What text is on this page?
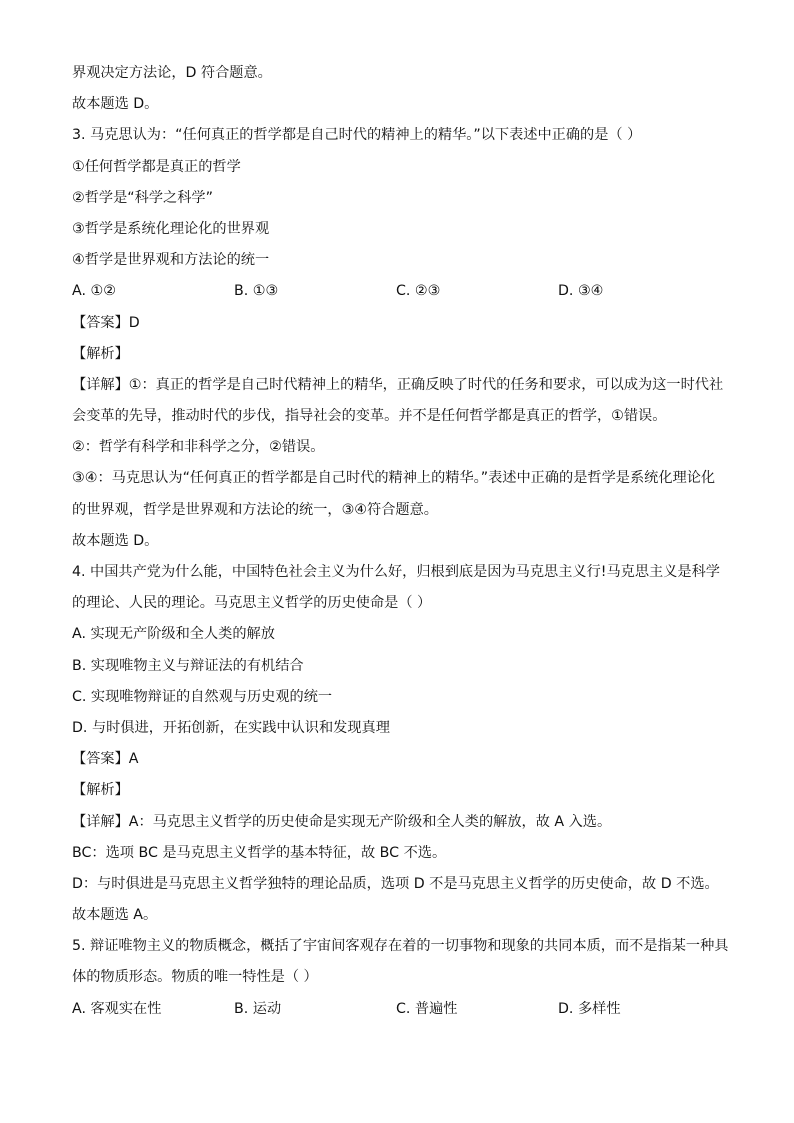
界观决定方法论，D 符合题意。
故本题选 D。
3. 马克思认为：“任何真正的哲学都是自己时代的精神上的精华。”以下表述中正确的是（ ）
①任何哲学都是真正的哲学
②哲学是“科学之科学”
③哲学是系统化理论化的世界观
④哲学是世界观和方法论的统一
A. ①②	B. ①③	C. ②③	D. ③④
【答案】D
【解析】
【详解】①：真正的哲学是自己时代精神上的精华，正确反映了时代的任务和要求，可以成为这一时代社
会变革的先导，推动时代的步伐，指导社会的变革。并不是任何哲学都是真正的哲学，①错误。
②：哲学有科学和非科学之分，②错误。
③④：马克思认为“任何真正的哲学都是自己时代的精神上的精华。”表述中正确的是哲学是系统化理论化
的世界观，哲学是世界观和方法论的统一，③④符合题意。
故本题选 D。
4. 中国共产党为什么能，中国特色社会主义为什么好，归根到底是因为马克思主义行!马克思主义是科学
的理论、人民的理论。马克思主义哲学的历史使命是（ ）
A. 实现无产阶级和全人类的解放
B. 实现唯物主义与辩证法的有机结合
C. 实现唯物辩证的自然观与历史观的统一
D. 与时俱进，开拓创新，在实践中认识和发现真理
【答案】A
【解析】
【详解】A：马克思主义哲学的历史使命是实现无产阶级和全人类的解放，故 A 入选。
BC：选项 BC 是马克思主义哲学的基本特征，故 BC 不选。
D：与时俱进是马克思主义哲学独特的理论品质，选项 D 不是马克思主义哲学的历史使命，故 D 不选。
故本题选 A。
5. 辩证唯物主义的物质概念，概括了宇宙间客观存在着的一切事物和现象的共同本质，而不是指某一种具
体的物质形态。物质的唯一特性是（ ）
A. 客观实在性	B. 运动	C. 普遍性	D. 多样性
